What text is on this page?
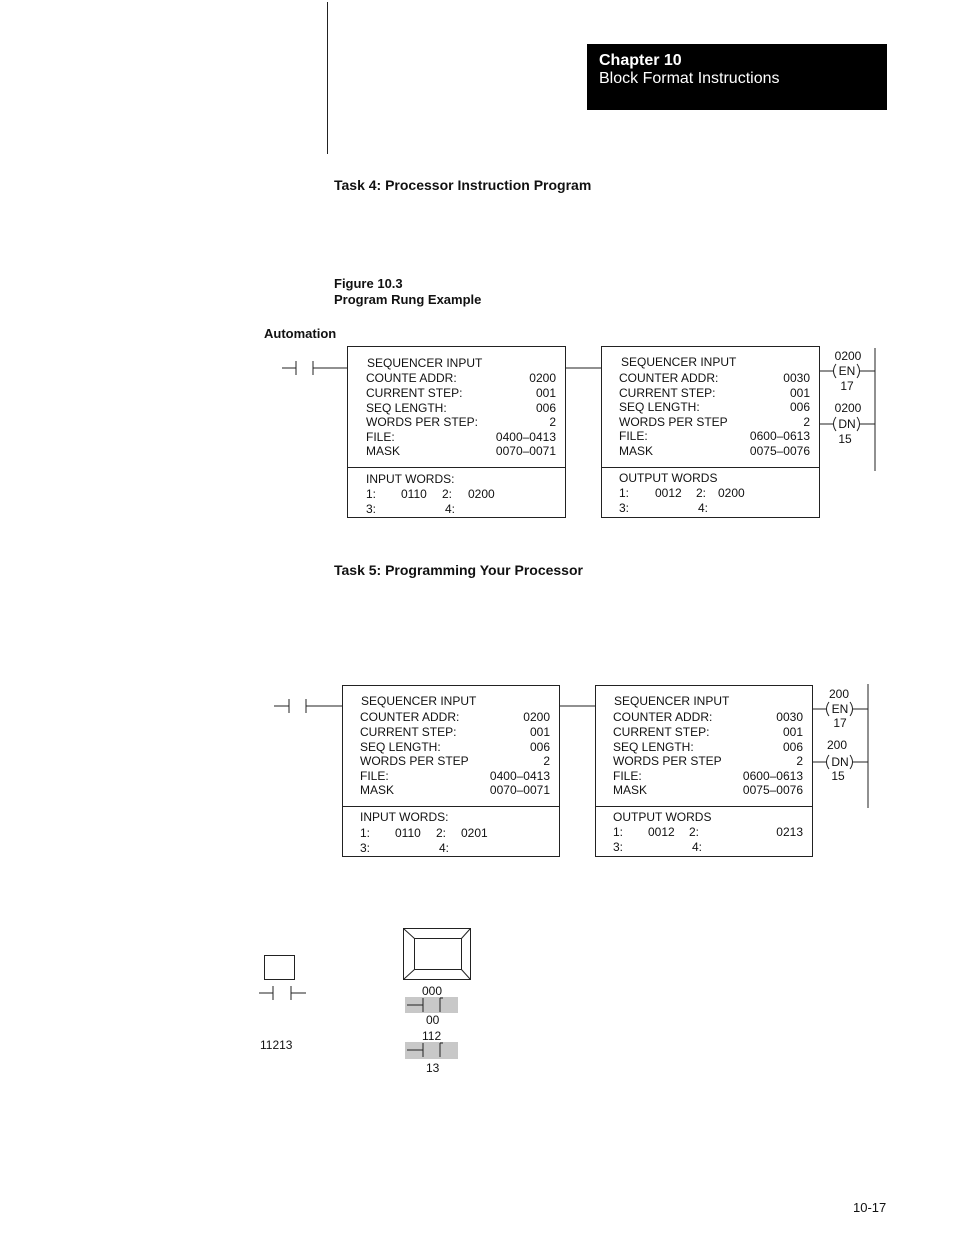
Chapter 10
Block Format Instructions
Task 4: Processor Instruction Program
Figure 10.3
Program Rung Example
Automation
SEQUENCER INPUT
COUNTE ADDR:	0200
CURRENT STEP:	001
SEQ LENGTH:	006
WORDS PER STEP:	2
FILE:	0400–0413
MASK	0070–0071
INPUT WORDS:
1: 0110 2: 0200
3:	4:
SEQUENCER INPUT
COUNTER ADDR:	0030
CURRENT STEP:	001
SEQ LENGTH:	006
WORDS PER STEP	2
FILE:	0600–0613
MASK	0075–0076
OUTPUT WORDS
1: 0012 2: 0200
3:	4:
0200
EN
17
0200
DN
15
Task 5: Programming Your Processor
SEQUENCER INPUT
COUNTER ADDR:	0200
CURRENT STEP:	001
SEQ LENGTH:	006
WORDS PER STEP	2
FILE:	0400–0413
MASK	0070–0071
INPUT WORDS:
1: 0110 2: 0201
3:	4:
SEQUENCER INPUT
COUNTER ADDR:	0030
CURRENT STEP:	001
SEQ LENGTH:	006
WORDS PER STEP	2
FILE:	0600–0613
MASK	0075–0076
OUTPUT WORDS
1: 0012 2:	0213
3:	4:
200
EN
17
200
DN
15
000
00
112
13
11213
10-17
